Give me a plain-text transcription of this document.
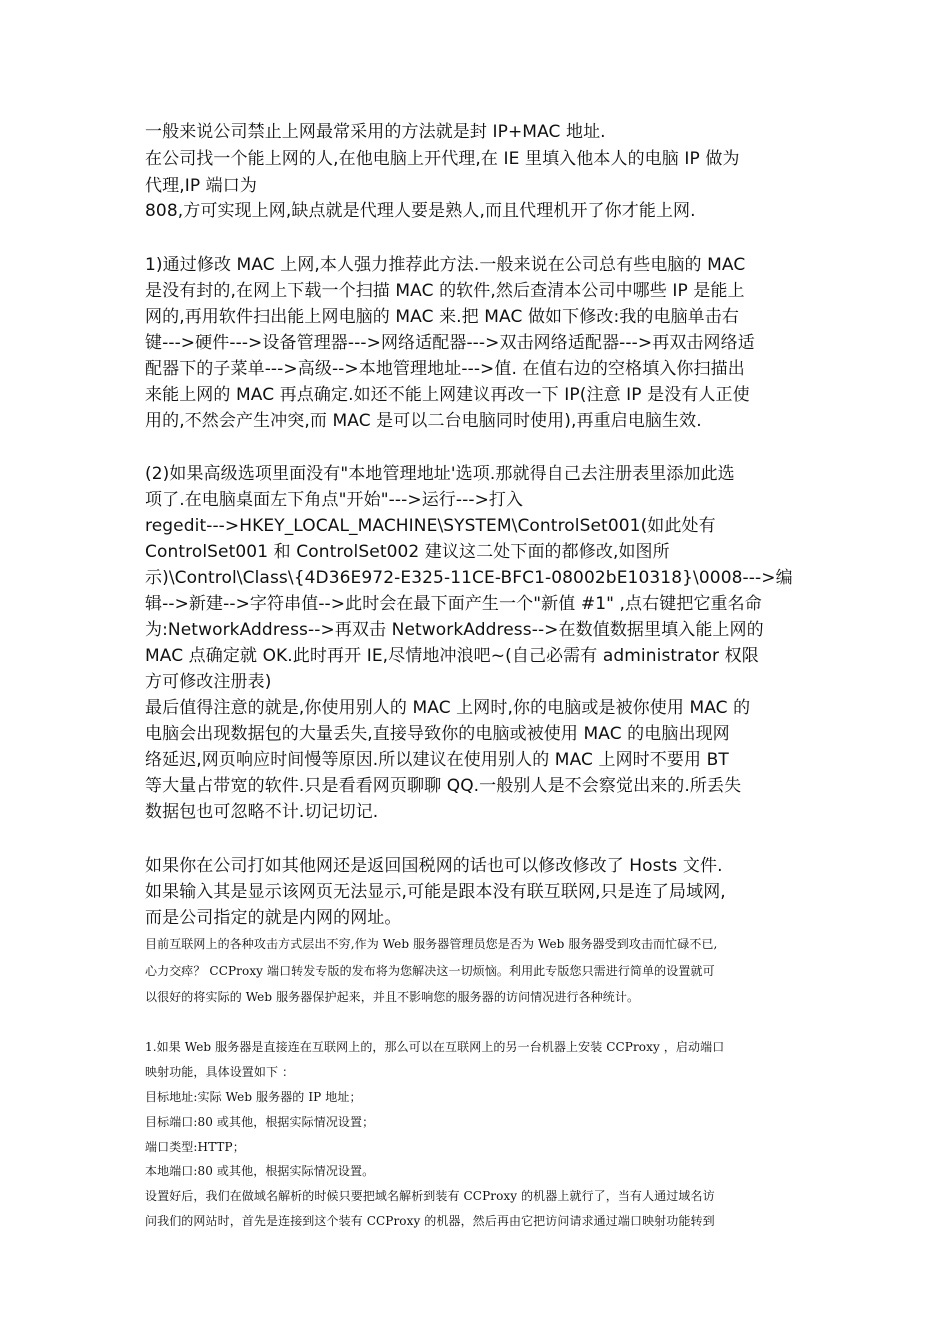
一般来说公司禁止上网最常采用的方法就是封 IP+MAC 地址.

在公司找一个能上网的人,在他电脑上开代理,在 IE 里填入他本人的电脑 IP 做为

代理,IP 端口为

808,方可实现上网,缺点就是代理人要是熟人,而且代理机开了你才能上网.

1)通过修改 MAC 上网,本人强力推荐此方法.一般来说在公司总有些电脑的 MAC

是没有封的,在网上下载一个扫描 MAC 的软件,然后查清本公司中哪些 IP 是能上

网的,再用软件扫出能上网电脑的 MAC 来.把 MAC 做如下修改:我的电脑单击右

键--->硬件--->设备管理器--->网络适配器--->双击网络适配器--->再双击网络适

配器下的子菜单--->高级-->本地管理地址--->值. 在值右边的空格填入你扫描出

来能上网的 MAC 再点确定.如还不能上网建议再改一下 IP(注意 IP 是没有人正使

用的,不然会产生冲突,而 MAC 是可以二台电脑同时使用),再重启电脑生效.

(2)如果高级选项里面没有"本地管理地址'选项.那就得自己去注册表里添加此选

项了.在电脑桌面左下角点"开始"--->运行--->打入

regedit--->HKEY_LOCAL_MACHINE\SYSTEM\ControlSet001(如此处有

ControlSet001 和 ControlSet002 建议这二处下面的都修改,如图所

示)\Control\Class\{4D36E972-E325-11CE-BFC1-08002bE10318}\0008--->编

辑-->新建-->字符串值-->此时会在最下面产生一个"新值 #1" ,点右键把它重名命

为:NetworkAddress-->再双击 NetworkAddress-->在数值数据里填入能上网的

MAC 点确定就 OK.此时再开 IE,尽情地冲浪吧~(自己必需有 administrator 权限

方可修改注册表)

最后值得注意的就是,你使用别人的 MAC 上网时,你的电脑或是被你使用 MAC 的

电脑会出现数据包的大量丢失,直接导致你的电脑或被使用 MAC 的电脑出现网

络延迟,网页响应时间慢等原因.所以建议在使用别人的 MAC 上网时不要用 BT

等大量占带宽的软件.只是看看网页聊聊 QQ.一般别人是不会察觉出来的.所丢失

数据包也可忽略不计.切记切记.

如果你在公司打如其他网还是返回国税网的话也可以修改修改了 Hosts 文件.

如果输入其是显示该网页无法显示,可能是跟本没有联互联网,只是连了局域网,

而是公司指定的就是内网的网址。

目前互联网上的各种攻击方式层出不穷,作为 Web 服务器管理员您是否为 Web 服务器受到攻击而忙碌不已,

心力交瘁？ CCProxy 端口转发专版的发布将为您解决这一切烦恼。利用此专版您只需进行简单的设置就可

以很好的将实际的 Web 服务器保护起来，并且不影响您的服务器的访问情况进行各种统计。

1.如果 Web 服务器是直接连在互联网上的，那么可以在互联网上的另一台机器上安装 CCProxy ，启动端口

映射功能，具体设置如下 ：

目标地址:实际 Web 服务器的 IP 地址；

目标端口:80 或其他，根据实际情况设置；

端口类型:HTTP；

本地端口:80 或其他，根据实际情况设置。

设置好后，我们在做域名解析的时候只要把域名解析到装有 CCProxy 的机器上就行了，当有人通过域名访

问我们的网站时，首先是连接到这个装有 CCProxy 的机器，然后再由它把访问请求通过端口映射功能转到
